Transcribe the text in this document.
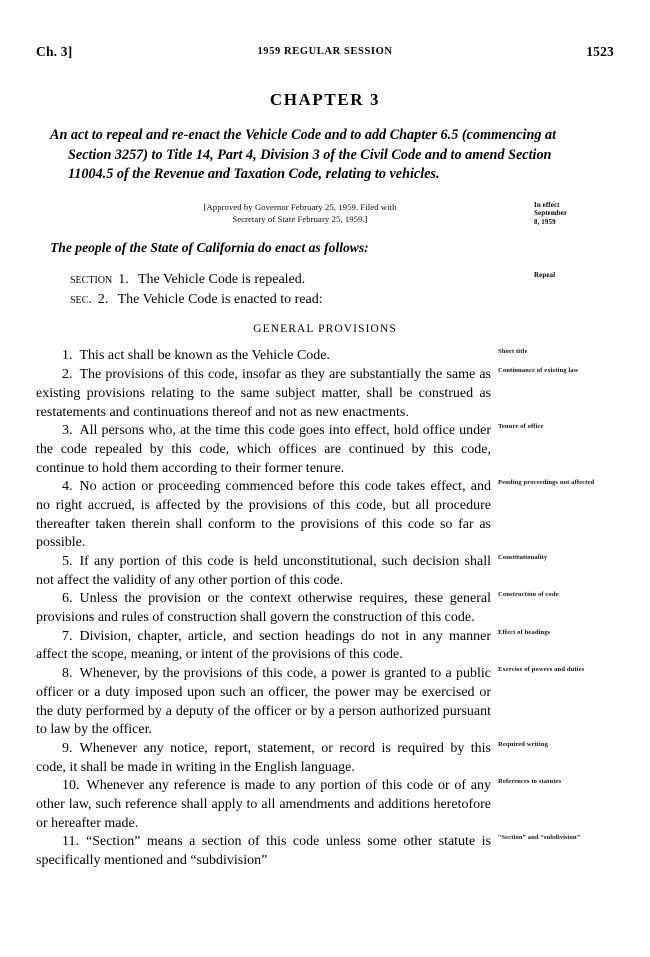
Ch. 3]	1959 REGULAR SESSION	1523
CHAPTER 3
An act to repeal and re-enact the Vehicle Code and to add Chapter 6.5 (commencing at Section 3257) to Title 14, Part 4, Division 3 of the Civil Code and to amend Section 11004.5 of the Revenue and Taxation Code, relating to vehicles.
[Approved by Governor February 25, 1959. Filed with
Secretary of State February 25, 1959.]
In effect
September
8, 1959
The people of the State of California do enact as follows:
section 1. The Vehicle Code is repealed.
sec. 2. The Vehicle Code is enacted to read:
Repeal
GENERAL PROVISIONS

1. This act shall be known as the Vehicle Code.	Short title

2. The provisions of this code, insofar as they are substantially the same as existing provisions relating to the same subject matter, shall be construed as restatements and continuations thereof and not as new enactments.

Continuance of existing law

3. All persons who, at the time this code goes into effect, hold office under the code repealed by this code, which offices are continued by this code, continue to hold them according to their former tenure.

Tenure of office

4. No action or proceeding commenced before this code takes effect, and no right accrued, is affected by the provisions of this code, but all procedure thereafter taken therein shall conform to the provisions of this code so far as possible.

Pending proceedings not affected

5. If any portion of this code is held unconstitutional, such decision shall not affect the validity of any other portion of this code.

Constitutionality

6. Unless the provision or the context otherwise requires, these general provisions and rules of construction shall govern the construction of this code.

Construction of code

7. Division, chapter, article, and section headings do not in any manner affect the scope, meaning, or intent of the provisions of this code.

Effect of headings

8. Whenever, by the provisions of this code, a power is granted to a public officer or a duty imposed upon such an officer, the power may be exercised or the duty performed by a deputy of the officer or by a person authorized pursuant to law by the officer.

Exercise of powers and duties

9. Whenever any notice, report, statement, or record is required by this code, it shall be made in writing in the English language.

Required writing

10. Whenever any reference is made to any portion of this code or of any other law, such reference shall apply to all amendments and additions heretofore or hereafter made.

References to statutes

11. “Section” means a section of this code unless some other statute is specifically mentioned and “subdivision”

“Section” and “subdivision”
